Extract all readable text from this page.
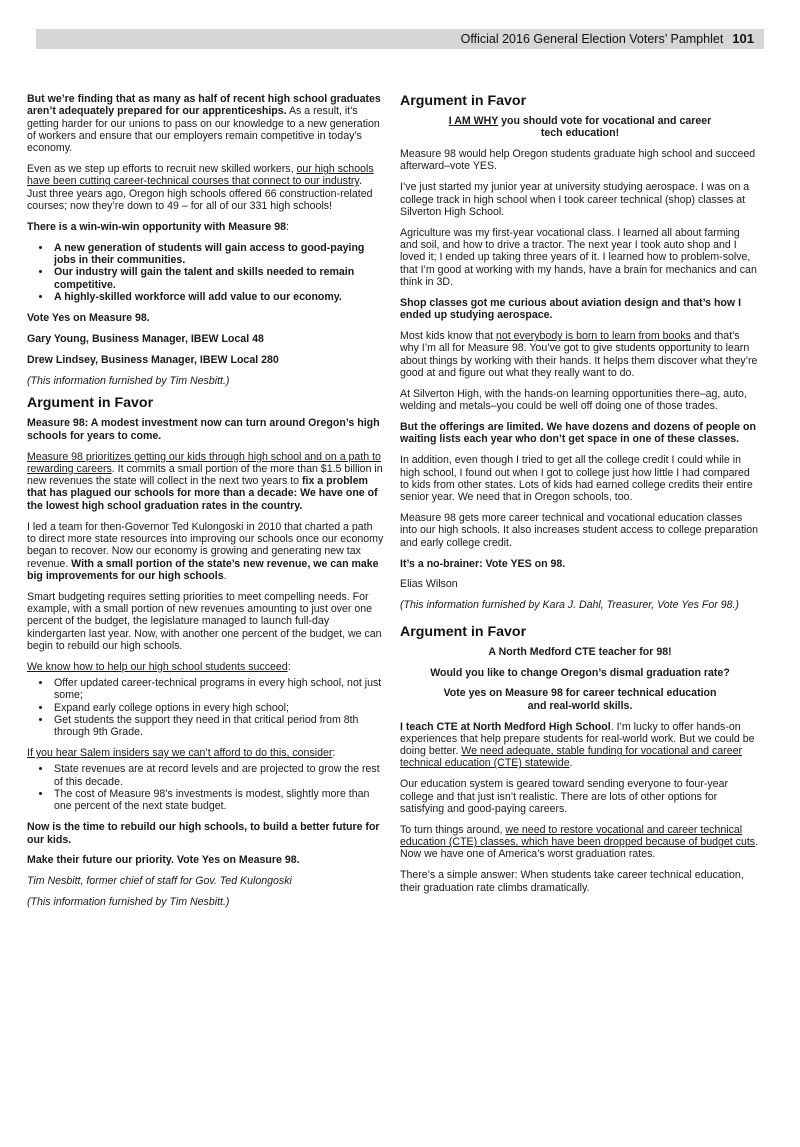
Official 2016 General Election Voters’ Pamphlet 101

But we’re finding that as many as half of recent high school graduates aren’t adequately prepared for our apprenticeships. As a result, it’s getting harder for our unions to pass on our knowledge to a new generation of workers and ensure that our employers remain competitive in today’s economy.

Even as we step up efforts to recruit new skilled workers, our high schools have been cutting career-technical courses that connect to our industry. Just three years ago, Oregon high schools offered 66 construction-related courses; now they’re down to 49 – for all of our 331 high schools!

There is a win-win-win opportunity with Measure 98:

• A new generation of students will gain access to good-paying jobs in their communities.
• Our industry will gain the talent and skills needed to remain competitive.
• A highly-skilled workforce will add value to our economy.

Vote Yes on Measure 98.

Gary Young, Business Manager, IBEW Local 48

Drew Lindsey, Business Manager, IBEW Local 280

(This information furnished by Tim Nesbitt.)

Argument in Favor

Measure 98: A modest investment now can turn around Oregon’s high schools for years to come.

Measure 98 prioritizes getting our kids through high school and on a path to rewarding careers. It commits a small portion of the more than $1.5 billion in new revenues the state will collect in the next two years to fix a problem that has plagued our schools for more than a decade: We have one of the lowest high school graduation rates in the country.

I led a team for then-Governor Ted Kulongoski in 2010 that charted a path to direct more state resources into improving our schools once our economy began to recover. Now our economy is growing and generating new tax revenue. With a small portion of the state’s new revenue, we can make big improvements for our high schools.

Smart budgeting requires setting priorities to meet compelling needs. For example, with a small portion of new revenues amounting to just over one percent of the budget, the legislature managed to launch full-day kindergarten last year. Now, with another one percent of the budget, we can begin to rebuild our high schools.

We know how to help our high school students succeed:

• Offer updated career-technical programs in every high school, not just some;
• Expand early college options in every high school;
• Get students the support they need in that critical period from 8th through 9th Grade.

If you hear Salem insiders say we can’t afford to do this, consider:

• State revenues are at record levels and are projected to grow the rest of this decade.
• The cost of Measure 98’s investments is modest, slightly more than one percent of the next state budget.

Now is the time to rebuild our high schools, to build a better future for our kids.

Make their future our priority. Vote Yes on Measure 98.

Tim Nesbitt, former chief of staff for Gov. Ted Kulongoski

(This information furnished by Tim Nesbitt.)

Argument in Favor

I AM WHY you should vote for vocational and career tech education!

Measure 98 would help Oregon students graduate high school and succeed afterward–vote YES.

I’ve just started my junior year at university studying aerospace. I was on a college track in high school when I took career technical (shop) classes at Silverton High School.

Agriculture was my first-year vocational class. I learned all about farming and soil, and how to drive a tractor. The next year I took auto shop and I loved it; I ended up taking three years of it. I learned how to problem-solve, that I’m good at working with my hands, have a brain for mechanics and can think in 3D.

Shop classes got me curious about aviation design and that’s how I ended up studying aerospace.

Most kids know that not everybody is born to learn from books and that’s why I’m all for Measure 98. You’ve got to give students opportunity to learn about things by working with their hands. It helps them discover what they’re good at and figure out what they really want to do.

At Silverton High, with the hands-on learning opportunities there–ag, auto, welding and metals–you could be well off doing one of those trades.

But the offerings are limited. We have dozens and dozens of people on waiting lists each year who don’t get space in one of these classes.

In addition, even though I tried to get all the college credit I could while in high school, I found out when I got to college just how little I had compared to kids from other states. Lots of kids had earned college credits their entire senior year. We need that in Oregon schools, too.

Measure 98 gets more career technical and vocational education classes into our high schools. It also increases student access to college preparation and early college credit.

It’s a no-brainer: Vote YES on 98.

Elias Wilson

(This information furnished by Kara J. Dahl, Treasurer, Vote Yes For 98.)

Argument in Favor

A North Medford CTE teacher for 98!

Would you like to change Oregon’s dismal graduation rate?

Vote yes on Measure 98 for career technical education and real-world skills.

I teach CTE at North Medford High School. I’m lucky to offer hands-on experiences that help prepare students for real-world work. But we could be doing better. We need adequate, stable funding for vocational and career technical education (CTE) statewide.

Our education system is geared toward sending everyone to four-year college and that just isn’t realistic. There are lots of other options for satisfying and good-paying careers.

To turn things around, we need to restore vocational and career technical education (CTE) classes, which have been dropped because of budget cuts. Now we have one of America’s worst graduation rates.

There’s a simple answer: When students take career technical education, their graduation rate climbs dramatically.
